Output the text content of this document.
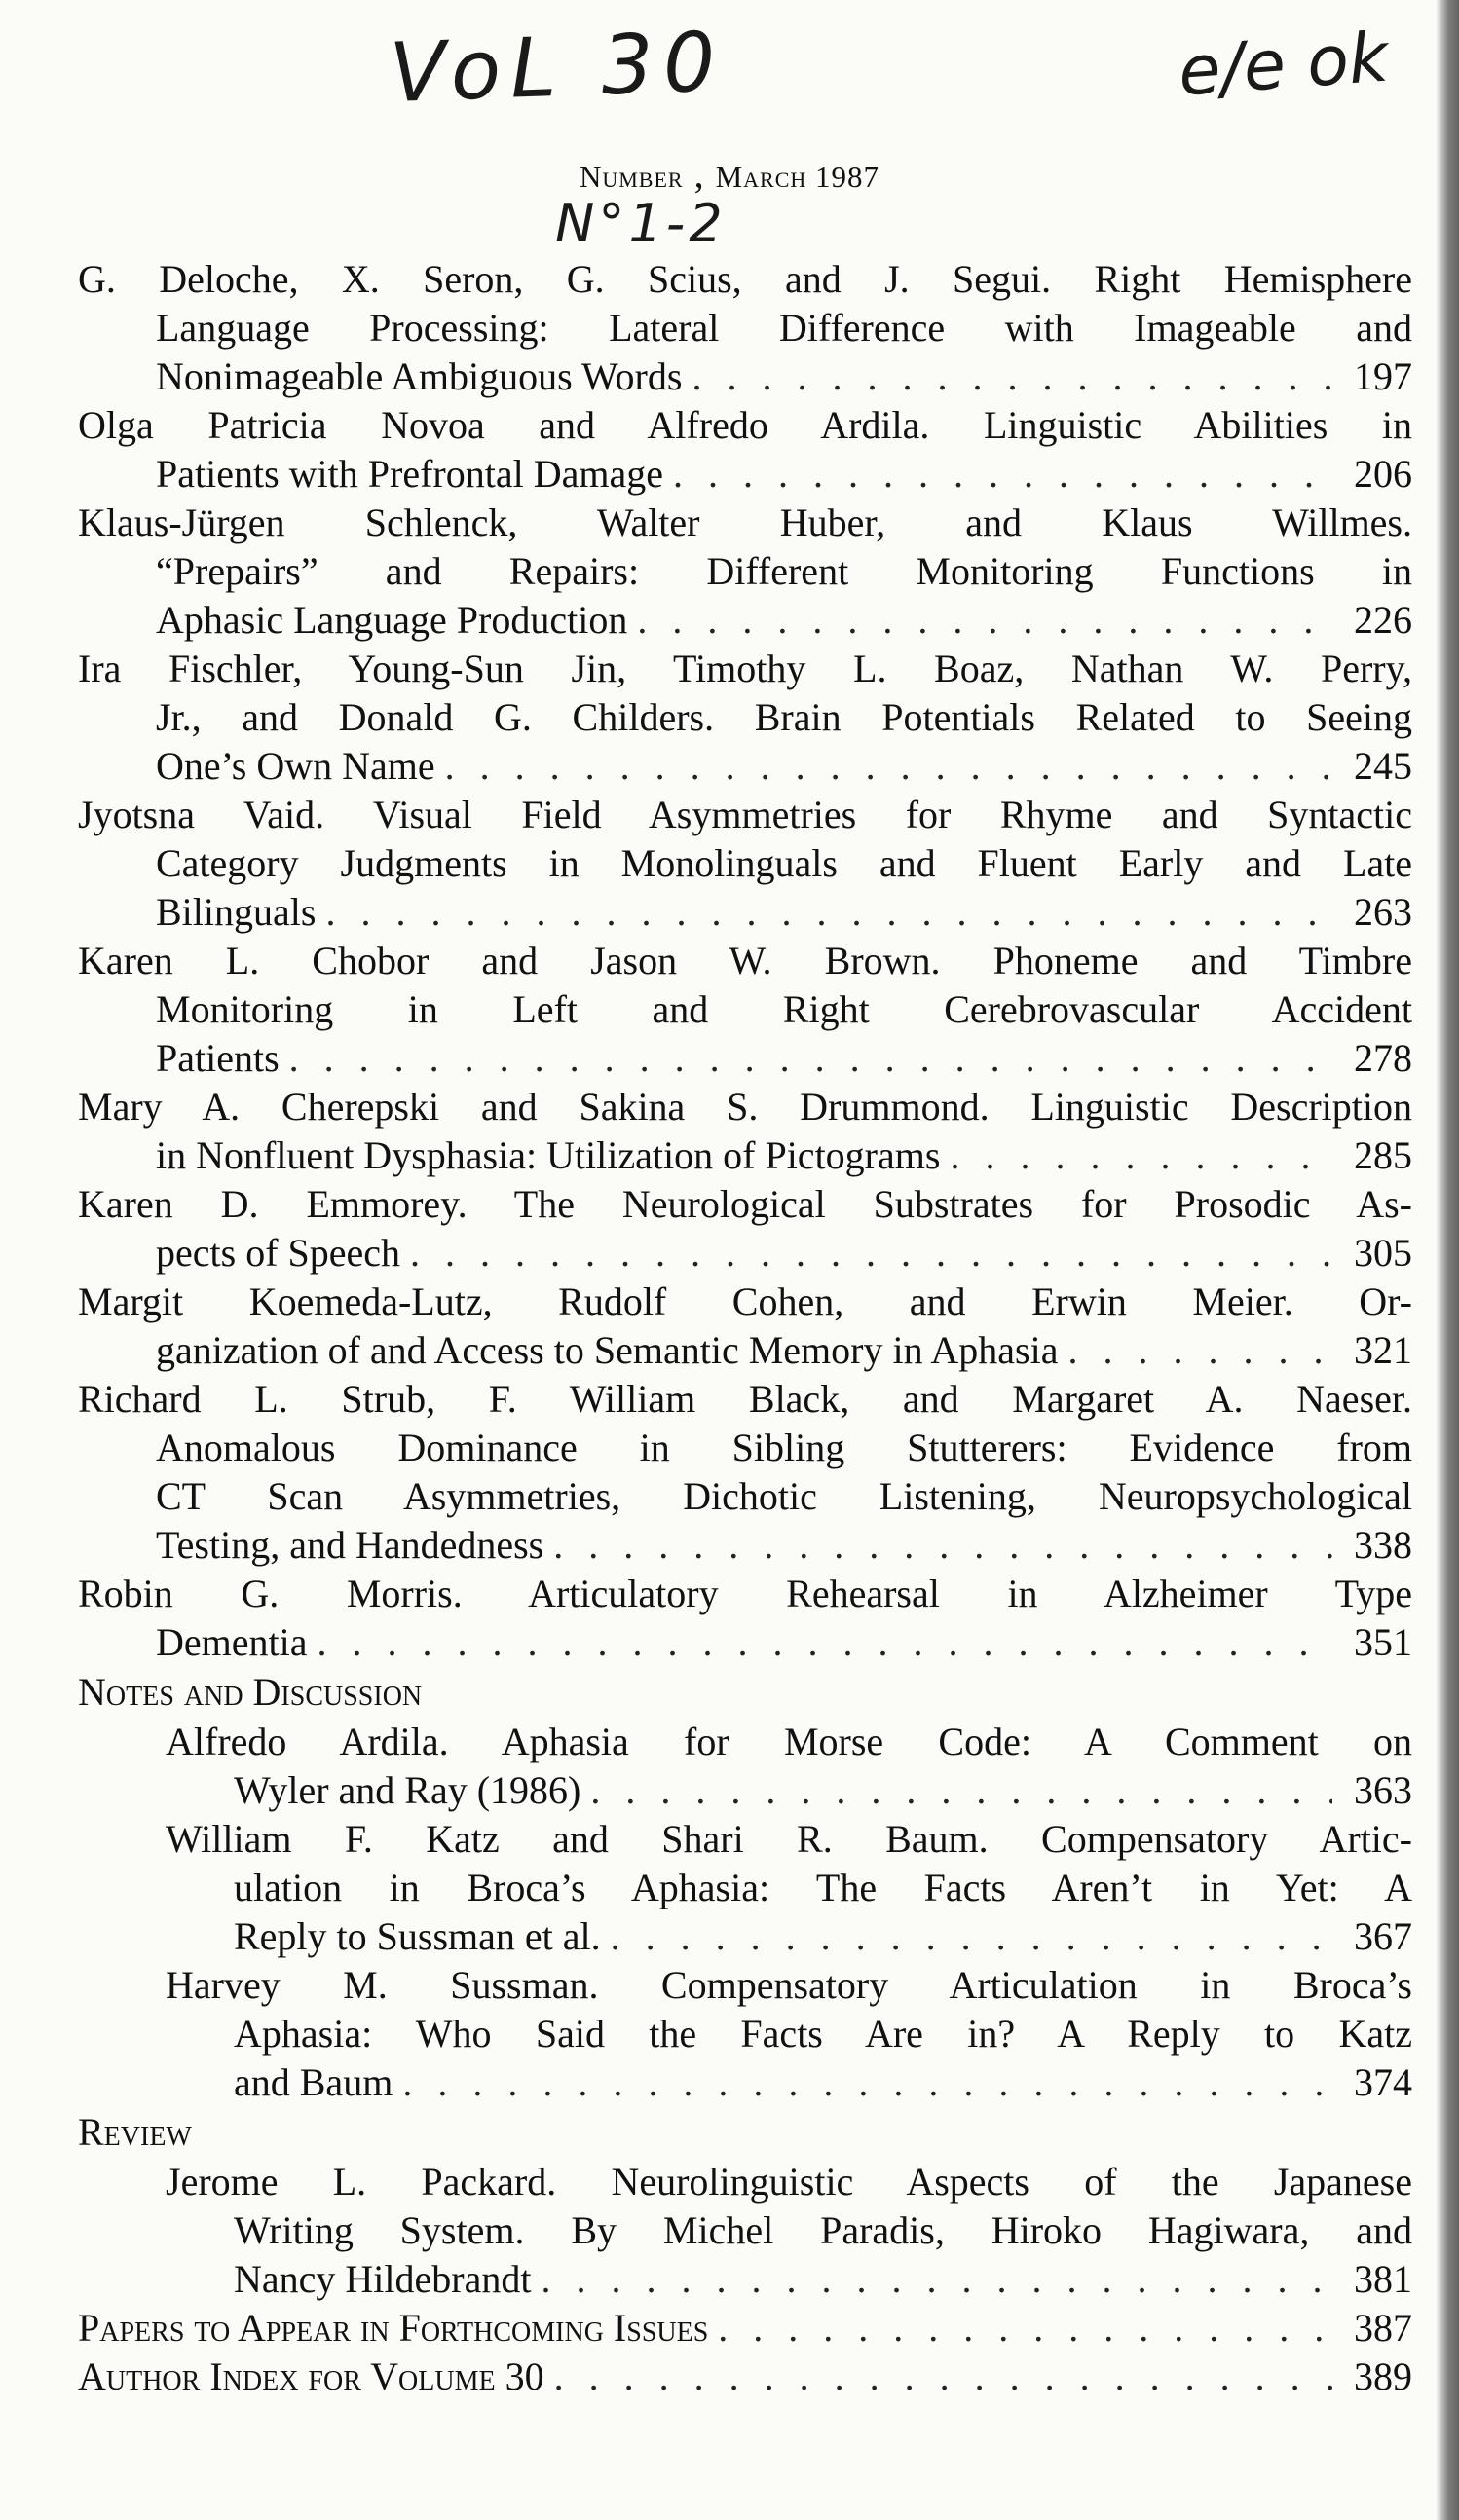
VoL 30	e/e ok
N°1-2
Number , March 1987
G. Deloche, X. Seron, G. Scius, and J. Segui. Right Hemisphere
Language Processing: Lateral Difference with Imageable and
Nonimageable Ambiguous Words . . .	197
Olga Patricia Novoa and Alfredo Ardila. Linguistic Abilities in
Patients with Prefrontal Damage . . .	206
Klaus-Jürgen Schlenck, Walter Huber, and Klaus Willmes.
“Prepairs” and Repairs: Different Monitoring Functions in
Aphasic Language Production . . .	226
Ira Fischler, Young-Sun Jin, Timothy L. Boaz, Nathan W. Perry,
Jr., and Donald G. Childers. Brain Potentials Related to Seeing
One’s Own Name . . .	245
Jyotsna Vaid. Visual Field Asymmetries for Rhyme and Syntactic
Category Judgments in Monolinguals and Fluent Early and Late
Bilinguals . . .	263
Karen L. Chobor and Jason W. Brown. Phoneme and Timbre
Monitoring in Left and Right Cerebrovascular Accident
Patients . . .	278
Mary A. Cherepski and Sakina S. Drummond. Linguistic Description
in Nonfluent Dysphasia: Utilization of Pictograms . . .	285
Karen D. Emmorey. The Neurological Substrates for Prosodic As-
pects of Speech . . .	305
Margit Koemeda-Lutz, Rudolf Cohen, and Erwin Meier. Or-
ganization of and Access to Semantic Memory in Aphasia . . .	321
Richard L. Strub, F. William Black, and Margaret A. Naeser.
Anomalous Dominance in Sibling Stutterers: Evidence from
CT Scan Asymmetries, Dichotic Listening, Neuropsychological
Testing, and Handedness . . .	338
Robin G. Morris. Articulatory Rehearsal in Alzheimer Type
Dementia . . .	351
Notes and Discussion
Alfredo Ardila. Aphasia for Morse Code: A Comment on
Wyler and Ray (1986) . . .	363
William F. Katz and Shari R. Baum. Compensatory Artic-
ulation in Broca’s Aphasia: The Facts Aren’t in Yet: A
Reply to Sussman et al. . . .	367
Harvey M. Sussman. Compensatory Articulation in Broca’s
Aphasia: Who Said the Facts Are in? A Reply to Katz
and Baum . . .	374
Review
Jerome L. Packard. Neurolinguistic Aspects of the Japanese
Writing System. By Michel Paradis, Hiroko Hagiwara, and
Nancy Hildebrandt . . .	381
Papers to Appear in Forthcoming Issues . . .	387
Author Index for Volume 30 . . .	389
